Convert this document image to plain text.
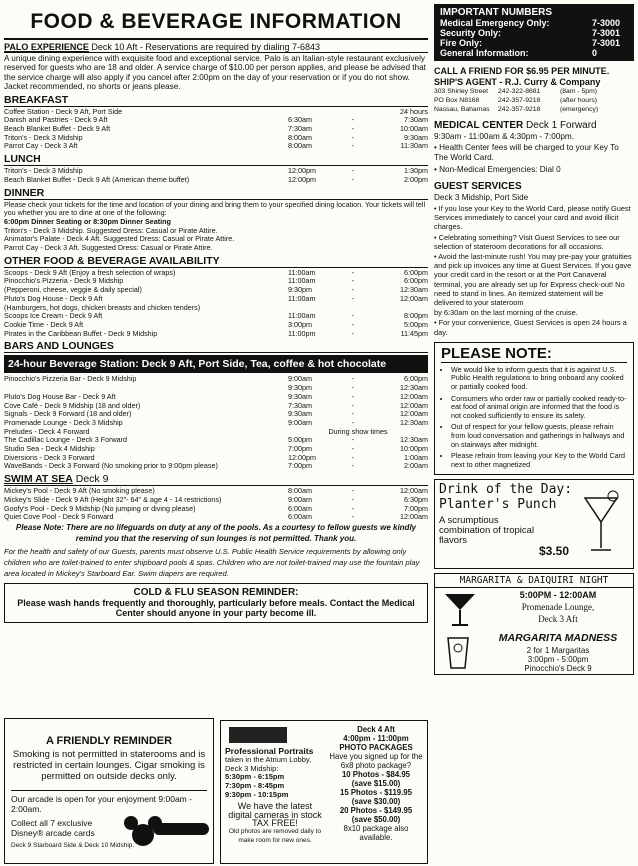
FOOD & BEVERAGE INFORMATION
PALO EXPERIENCE Deck 10 Aft - Reservations are required by dialing 7-6843
A unique dining experience with exquisite food and exceptional service. Palo is an Italian-style restaurant exclusively reserved for guests who are 18 and older. A service charge of $10.00 per person applies, and please be advised that the service charge will also apply if you cancel after 2:00pm on the day of your reservation or if you do not show. Jacket recommended, no shorts or jeans please.
BREAKFAST
Coffee Station - Deck 9 Aft, Port Side	24 hours
Danish and Pastries - Deck 9 Aft	6:30am	-	7:30am
Beach Blanket Buffet - Deck 9 Aft	7:30am	-	10:00am
Triton's - Deck 3 Midship	8:00am	-	9:30am
Parrot Cay - Deck 3 Aft	8:00am	-	11:30am
LUNCH
Triton's - Deck 3 Midship	12:00pm	-	1:30pm
Beach Blanket Buffet - Deck 9 Aft (American theme buffet)	12:00pm	-	2:00pm
DINNER
Please check your tickets for the time and location of your dining and bring them to your specified dining location. Your tickets will tell you whether you are to dine at one of the following:
6:00pm Dinner Seating or 8:30pm Dinner Seating
Triton's - Deck 3 Midship. Suggested Dress: Casual or Pirate Attire.
Animator's Palate - Deck 4 Aft. Suggested Dress: Casual or Pirate Attire.
Parrot Cay - Deck 3 Aft. Suggested Dress: Casual or Pirate Attire.
OTHER FOOD & BEVERAGE AVAILABILITY
Scoops - Deck 9 Aft (Enjoy a fresh selection of wraps)	11:00am	-	6:00pm
Pinocchio's Pizzeria - Deck 9 Midship	11:00am	-	6:00pm
(Pepperoni, cheese, veggie & daily special)	9:30pm	-	12:30am
Pluto's Dog House - Deck 9 Aft	11:00am	-	12:00am
(Hamburgers, hot dogs, chicken breasts and chicken tenders)
Scoops Ice Cream - Deck 9 Aft	11:00am	-	8:00pm
Cookie Time - Deck 9 Aft	3:00pm	-	5:00pm
Pirates in the Caribbean Buffet - Deck 9 Midship	11:00pm	-	11:45pm
BARS AND LOUNGES
24-hour Beverage Station: Deck 9 Aft, Port Side, Tea, coffee & hot chocolate
Pinocchio's Pizzeria Bar - Deck 9 Midship	9:00am	-	6:00pm
9:30pm	-	12:30am
Pluto's Dog House Bar - Deck 9 Aft	9:30am	-	12:00am
Cove Café - Deck 9 Midship (18 and older)	7:30am	-	12:00am
Signals - Deck 9 Forward (18 and older)	9:30am	-	12:00am
Promenade Lounge - Deck 3 Midship	9:00am	-	12:30am
Preludes - Deck 4 Forward	During show times
The Cadillac Lounge - Deck 3 Forward	5:00pm	-	12:30am
Studio Sea - Deck 4 Midship	7:00pm	-	10:00pm
Diversions - Deck 3 Forward	12:00pm	-	1:00am
WaveBands - Deck 3 Forward (No smoking prior to 9:00pm please)	7:00pm	-	2:00am
SWIM AT SEA Deck 9
Mickey's Pool - Deck 9 Aft (No smoking please)	8:00am	-	12:00am
Mickey's Slide - Deck 9 Aft (Height 32"- 64" & age 4 - 14 restrictions)	9:00am	-	6:30pm
Goofy's Pool - Deck 9 Midship (No jumping or diving please)	6:00am	-	7:00pm
Quiet Cove Pool - Deck 9 Forward	6:00am	-	12:00am
Please Note: There are no lifeguards on duty at any of the pools. As a courtesy to fellow guests we kindly remind you that the reserving of sun lounges is not permitted. Thank you.
For the health and safety of our Guests, parents must observe U.S. Public Health Service requirements by allowing only children who are toilet-trained to enter shipboard pools & spas. Children who are not toilet-trained may use the fountain play area located in Mickey's Starboard Ear. Swim diapers are required.
COLD & FLU SEASON REMINDER:
Please wash hands frequently and thoroughly, particularly before meals. Contact the Medical Center should anyone in your party become ill.
A FRIENDLY REMINDER
Smoking is not permitted in staterooms and is restricted in certain lounges. Cigar smoking is permitted on outside decks only.
Our arcade is open for your enjoyment 9:00am - 2:00am.
Collect all 7 exclusive Disney® arcade cards
Deck 9 Starboard Side & Deck 10 Midship.
Professional Portraits
taken in the Atrium Lobby, Deck 3 Midship:
5:30pm - 6:15pm
7:30pm - 8:45pm
9:30pm - 10:15pm
We have the latest digital cameras in stock TAX FREE!
Old photos are removed daily to make room for new ones.
Deck 4 Aft
4:00pm - 11:00pm
PHOTO PACKAGES
Have you signed up for the 6x8 photo package?
10 Photos - $84.95
(save $15.00)
15 Photos - $119.95
(save $30.00)
20 Photos - $149.95
(save $50.00)
8x10 package also available.
IMPORTANT NUMBERS
Medical Emergency Only:	7-3000
Security Only:	7-3001
Fire Only:	7-3001
General Information:	0
CALL A FRIEND FOR $6.95 PER MINUTE.
SHIP'S AGENT - R.J. Curry & Company
303 Shirley Street	242-322-8681	(8am - 5pm)
PO Box N8168	242-357-9218	(after hours)
Nassau, Bahamas	242-357-9218	(emergency)
MEDICAL CENTER Deck 1 Forward
9:30am - 11:00am & 4:30pm - 7:00pm.
• Health Center fees will be charged to your Key To The World Card.
• Non-Medical Emergencies: Dial 0
GUEST SERVICES
Deck 3 Midship, Port Side
• If you lose your Key to the World Card, please notify Guest Services immediately to cancel your card and avoid illicit charges.
• Celebrating something? Visit Guest Services to see our selection of stateroom decorations for all occasions.
• Avoid the last-minute rush! You may pre-pay your gratuities and pick up invoices any time at Guest Services. If you gave your credit card in the resort or at the Port Canaveral terminal, you are already set up for Express check-out! No need to stand in lines. An itemized statement will be delivered to your stateroom
by 6:30am on the last morning of the cruise.
• For your convenience, Guest Services is open 24 hours a day.
PLEASE NOTE:
• We would like to inform guests that it is against U.S. Public Health regulations to bring onboard any cooked or partially cooked food.
• Consumers who order raw or partially cooked ready-to-eat food of animal origin are informed that the food is not cooked sufficiently to ensure its safety.
• Out of respect for your fellow guests, please refrain from loud conversation and gatherings in hallways and on stairways after midnight.
• Please refrain from leaving your Key to the World Card next to other magnetized
Drink of the Day: Planter's Punch
A scrumptious combination of tropical flavors
$3.50
MARGARITA & DAIQUIRI NIGHT
5:00PM - 12:00AM
Promenade Lounge,
Deck 3 Aft
MARGARITA MADNESS
2 for 1 Margaritas
3:00pm - 5:00pm
Pinocchio's Deck 9
